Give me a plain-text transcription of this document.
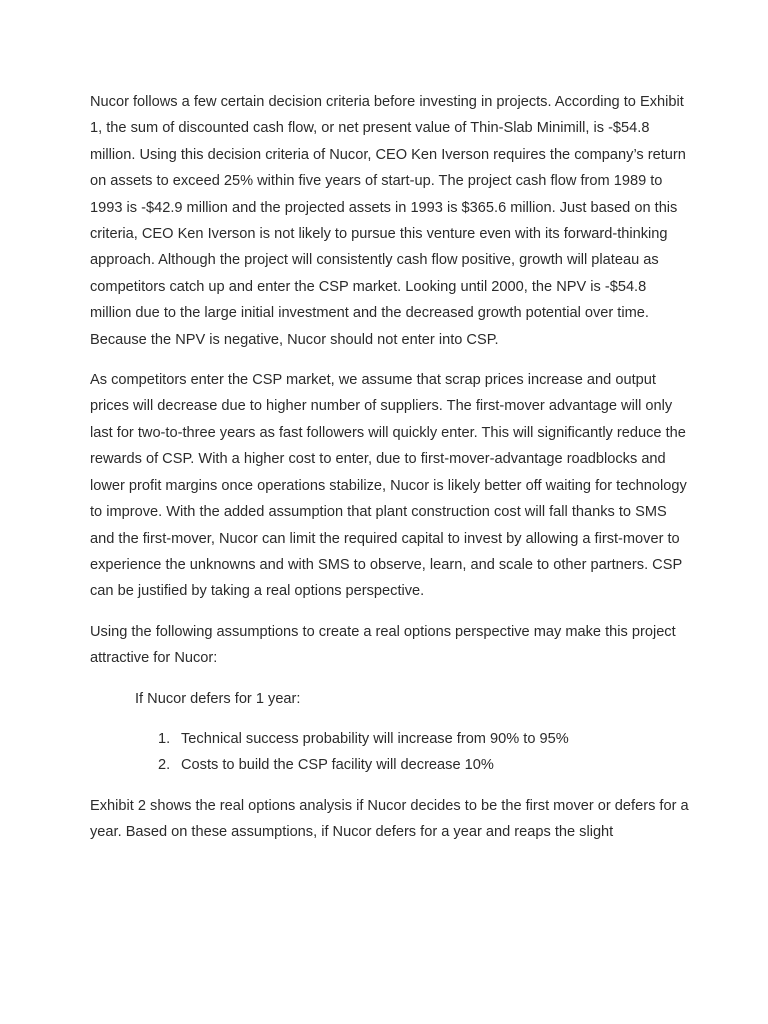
Nucor follows a few certain decision criteria before investing in projects. According to Exhibit 1, the sum of discounted cash flow, or net present value of Thin-Slab Minimill, is -$54.8 million. Using this decision criteria of Nucor, CEO Ken Iverson requires the company’s return on assets to exceed 25% within five years of start-up. The project cash flow from 1989 to 1993 is -$42.9 million and the projected assets in 1993 is $365.6 million. Just based on this criteria, CEO Ken Iverson is not likely to pursue this venture even with its forward-thinking approach. Although the project will consistently cash flow positive, growth will plateau as competitors catch up and enter the CSP market. Looking until 2000, the NPV is -$54.8 million due to the large initial investment and the decreased growth potential over time. Because the NPV is negative, Nucor should not enter into CSP.

As competitors enter the CSP market, we assume that scrap prices increase and output prices will decrease due to higher number of suppliers. The first-mover advantage will only last for two-to-three years as fast followers will quickly enter. This will significantly reduce the rewards of CSP. With a higher cost to enter, due to first-mover-advantage roadblocks and lower profit margins once operations stabilize, Nucor is likely better off waiting for technology to improve. With the added assumption that plant construction cost will fall thanks to SMS and the first-mover, Nucor can limit the required capital to invest by allowing a first-mover to experience the unknowns and with SMS to observe, learn, and scale to other partners. CSP can be justified by taking a real options perspective.

Using the following assumptions to create a real options perspective may make this project attractive for Nucor:

If Nucor defers for 1 year:

1. Technical success probability will increase from 90% to 95%
2. Costs to build the CSP facility will decrease 10%

Exhibit 2 shows the real options analysis if Nucor decides to be the first mover or defers for a year. Based on these assumptions, if Nucor defers for a year and reaps the slight
